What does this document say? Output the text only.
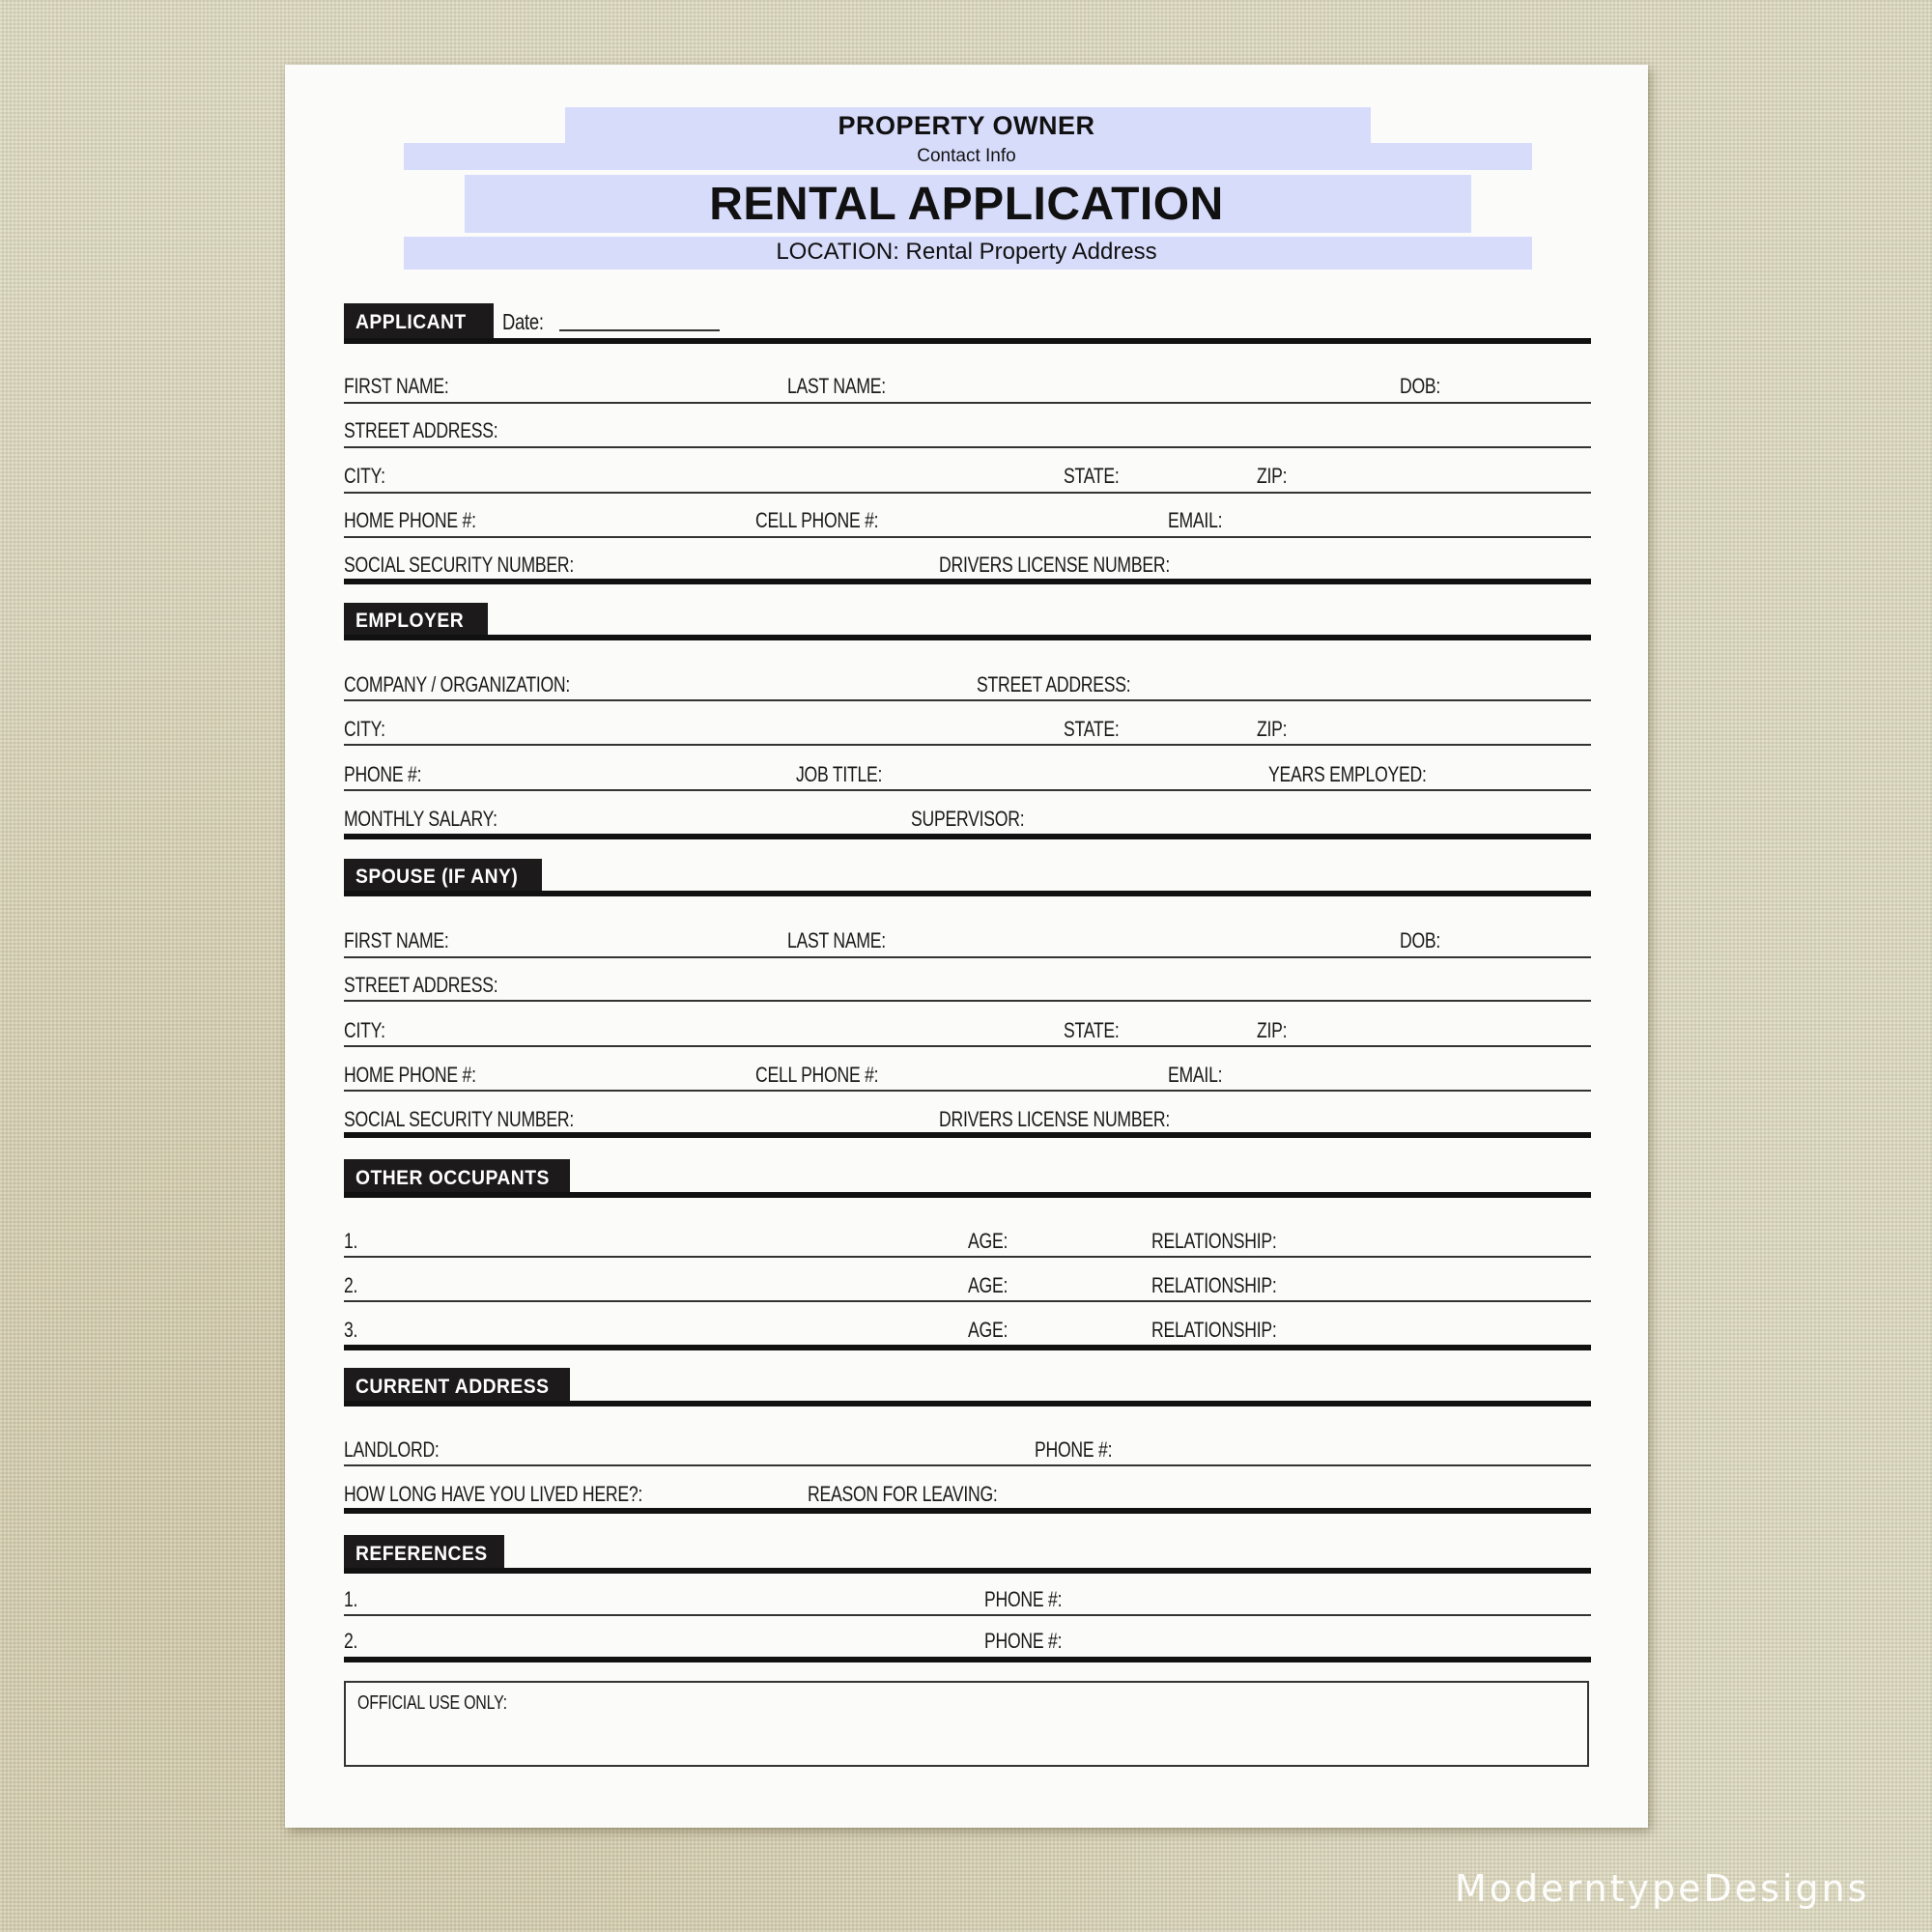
PROPERTY OWNER
Contact Info
RENTAL APPLICATION
LOCATION: Rental Property Address
APPLICANT Date:
FIRST NAME:	LAST NAME:	DOB:
STREET ADDRESS:
CITY:	STATE:	ZIP:
HOME PHONE #:	CELL PHONE #:	EMAIL:
SOCIAL SECURITY NUMBER:	DRIVERS LICENSE NUMBER:
EMPLOYER
COMPANY / ORGANIZATION:	STREET ADDRESS:
CITY:	STATE:	ZIP:
PHONE #:	JOB TITLE:	YEARS EMPLOYED:
MONTHLY SALARY:	SUPERVISOR:
SPOUSE (IF ANY)
FIRST NAME:	LAST NAME:	DOB:
STREET ADDRESS:
CITY:	STATE:	ZIP:
HOME PHONE #:	CELL PHONE #:	EMAIL:
SOCIAL SECURITY NUMBER:	DRIVERS LICENSE NUMBER:
OTHER OCCUPANTS
1.	AGE:	RELATIONSHIP:
2.	AGE:	RELATIONSHIP:
3.	AGE:	RELATIONSHIP:
CURRENT ADDRESS
LANDLORD:	PHONE #:
HOW LONG HAVE YOU LIVED HERE?:	REASON FOR LEAVING:
REFERENCES
1.	PHONE #:
2.	PHONE #:
OFFICIAL USE ONLY:
ModerntypeDesigns
